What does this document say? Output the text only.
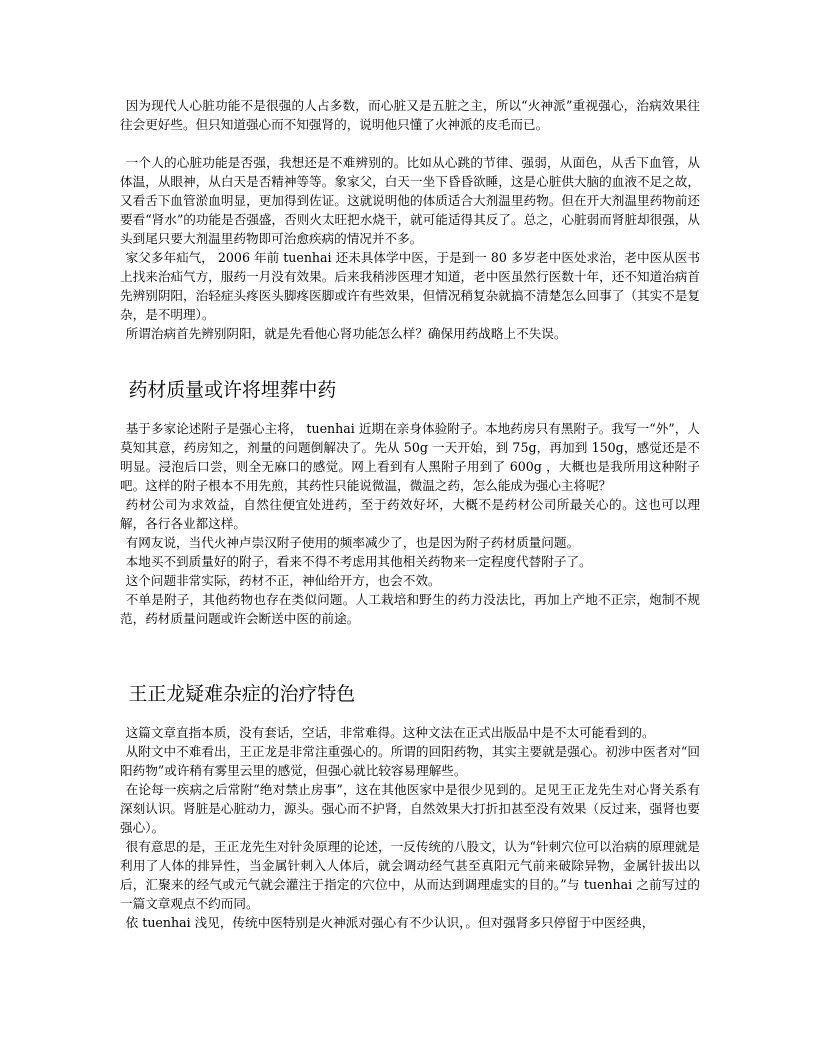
因为现代人心脏功能不是很强的人占多数，而心脏又是五脏之主，所以“火神派”重视强心，治病效果往往会更好些。但只知道强心而不知强肾的，说明他只懂了火神派的皮毛而已。

一个人的心脏功能是否强，我想还是不难辨别的。比如从心跳的节律、强弱，从面色，从舌下血管，从体温，从眼神，从白天是否精神等等。象家父，白天一坐下昏昏欲睡，这是心脏供大脑的血液不足之故，又看舌下血管淤血明显，更加得到佐证。这就说明他的体质适合大剂温里药物。但在开大剂温里药物前还要看“肾水”的功能是否强盛，否则火太旺把水烧干，就可能适得其反了。总之，心脏弱而肾脏却很强，从头到尾只要大剂温里药物即可治愈疾病的情况并不多。

家父多年疝气， 2006 年前 tuenhai 还未具体学中医，于是到一 80 多岁老中医处求治，老中医从医书上找来治疝气方，服药一月没有效果。后来我稍涉医理才知道，老中医虽然行医数十年，还不知道治病首先辨别阴阳，治轻症头疼医头脚疼医脚或许有些效果，但情况稍复杂就搞不清楚怎么回事了（其实不是复杂，是不明理）。

所谓治病首先辨别阴阳，就是先看他心肾功能怎么样？确保用药战略上不失误。

药材质量或许将埋葬中药

基于多家论述附子是强心主将， tuenhai 近期在亲身体验附子。本地药房只有黑附子。我写一“外”，人莫知其意，药房知之，剂量的问题倒解决了。先从 50g 一天开始，到 75g，再加到 150g，感觉还是不明显。浸泡后口尝，则全无麻口的感觉。网上看到有人黑附子用到了 600g ，大概也是我所用这种附子吧。这样的附子根本不用先煎，其药性只能说微温，微温之药，怎么能成为强心主将呢？

药材公司为求效益，自然往便宜处进药，至于药效好坏，大概不是药材公司所最关心的。这也可以理解，各行各业都这样。

有网友说，当代火神卢崇汉附子使用的频率减少了，也是因为附子药材质量问题。

本地买不到质量好的附子，看来不得不考虑用其他相关药物来一定程度代替附子了。

这个问题非常实际，药材不正，神仙给开方，也会不效。

不单是附子，其他药物也存在类似问题。人工栽培和野生的药力没法比，再加上产地不正宗，炮制不规范，药材质量问题或许会断送中医的前途。

王正龙疑难杂症的治疗特色

这篇文章直指本质，没有套话，空话，非常难得。这种文法在正式出版品中是不太可能看到的。

从附文中不难看出，王正龙是非常注重强心的。所谓的回阳药物，其实主要就是强心。初涉中医者对“回阳药物”或许稍有雾里云里的感觉，但强心就比较容易理解些。

在论每一疾病之后常附“绝对禁止房事”，这在其他医家中是很少见到的。足见王正龙先生对心肾关系有深刻认识。肾脏是心脏动力，源头。强心而不护肾，自然效果大打折扣甚至没有效果（反过来，强肾也要强心）。

很有意思的是，王正龙先生对针灸原理的论述，一反传统的八股文，认为“针刺穴位可以治病的原理就是利用了人体的排异性，当金属针刺入人体后，就会调动经气甚至真阳元气前来破除异物，金属针拔出以后，汇聚来的经气或元气就会灌注于指定的穴位中，从而达到调理虚实的目的。”与 tuenhai 之前写过的一篇文章观点不约而同。

依 tuenhai 浅见，传统中医特别是火神派对强心有不少认识，。但对强肾多只停留于中医经典，
